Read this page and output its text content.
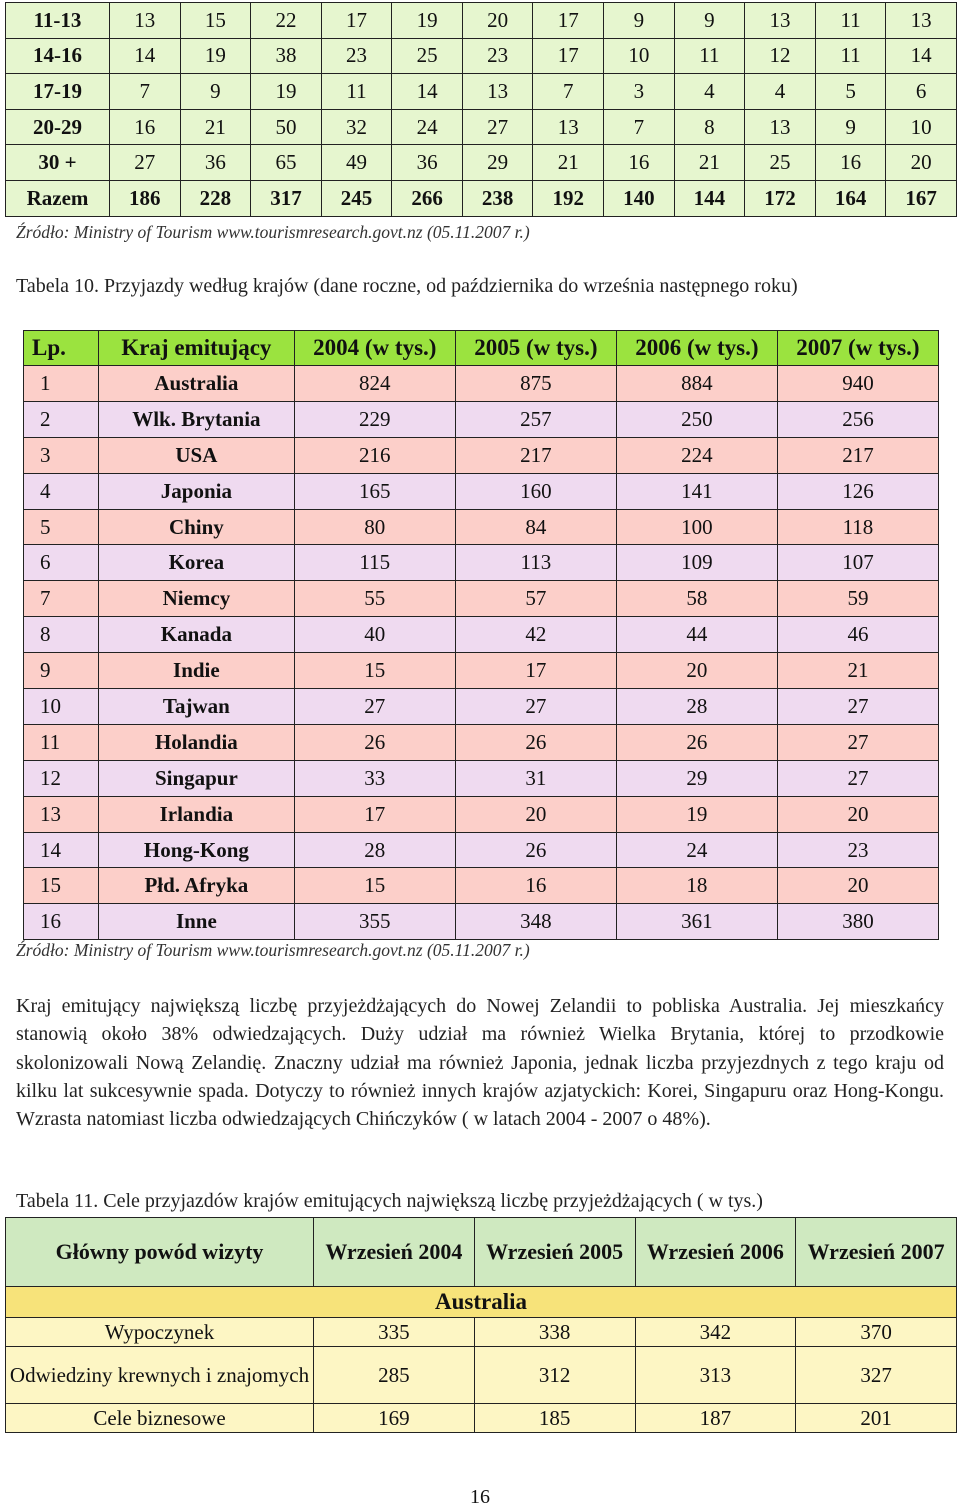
11-13	13	15	22	17	19	20	17	9	9	13	11	13
14-16	14	19	38	23	25	23	17	10	11	12	11	14
17-19	7	9	19	11	14	13	7	3	4	4	5	6
20-29	16	21	50	32	24	27	13	7	8	13	9	10
30 +	27	36	65	49	36	29	21	16	21	25	16	20
Razem	186	228	317	245	266	238	192	140	144	172	164	167
Źródło: Ministry of Tourism www.tourismresearch.govt.nz (05.11.2007 r.)
Tabela 10. Przyjazdy według krajów (dane roczne, od października do września następnego roku)
Lp.	Kraj emitujący	2004 (w tys.)	2005 (w tys.)	2006 (w tys.)	2007 (w tys.)
1	Australia	824	875	884	940
2	Wlk. Brytania	229	257	250	256
3	USA	216	217	224	217
4	Japonia	165	160	141	126
5	Chiny	80	84	100	118
6	Korea	115	113	109	107
7	Niemcy	55	57	58	59
8	Kanada	40	42	44	46
9	Indie	15	17	20	21
10	Tajwan	27	27	28	27
11	Holandia	26	26	26	27
12	Singapur	33	31	29	27
13	Irlandia	17	20	19	20
14	Hong-Kong	28	26	24	23
15	Płd. Afryka	15	16	18	20
16	Inne	355	348	361	380
Źródło: Ministry of Tourism www.tourismresearch.govt.nz (05.11.2007 r.)

Kraj emitujący największą liczbę przyjeżdżających do Nowej Zelandii to pobliska Australia. Jej mieszkańcy stanowią około 38% odwiedzających. Duży udział ma również Wielka Brytania, której to przodkowie skolonizowali Nową Zelandię. Znaczny udział ma również Japonia, jednak liczba przyjezdnych z tego kraju od kilku lat sukcesywnie spada. Dotyczy to również innych krajów azjatyckich: Korei, Singapuru oraz Hong-Kongu. Wzrasta natomiast liczba odwiedzających Chińczyków ( w latach 2004 - 2007 o 48%).

Tabela 11. Cele przyjazdów krajów emitujących największą liczbę przyjeżdżających ( w tys.)
Główny powód wizyty	Wrzesień 2004	Wrzesień 2005	Wrzesień 2006	Wrzesień 2007
Australia				
Wypoczynek	335	338	342	370
Odwiedziny krewnych i znajomych	285	312	313	327
Cele biznesowe	169	185	187	201
16
